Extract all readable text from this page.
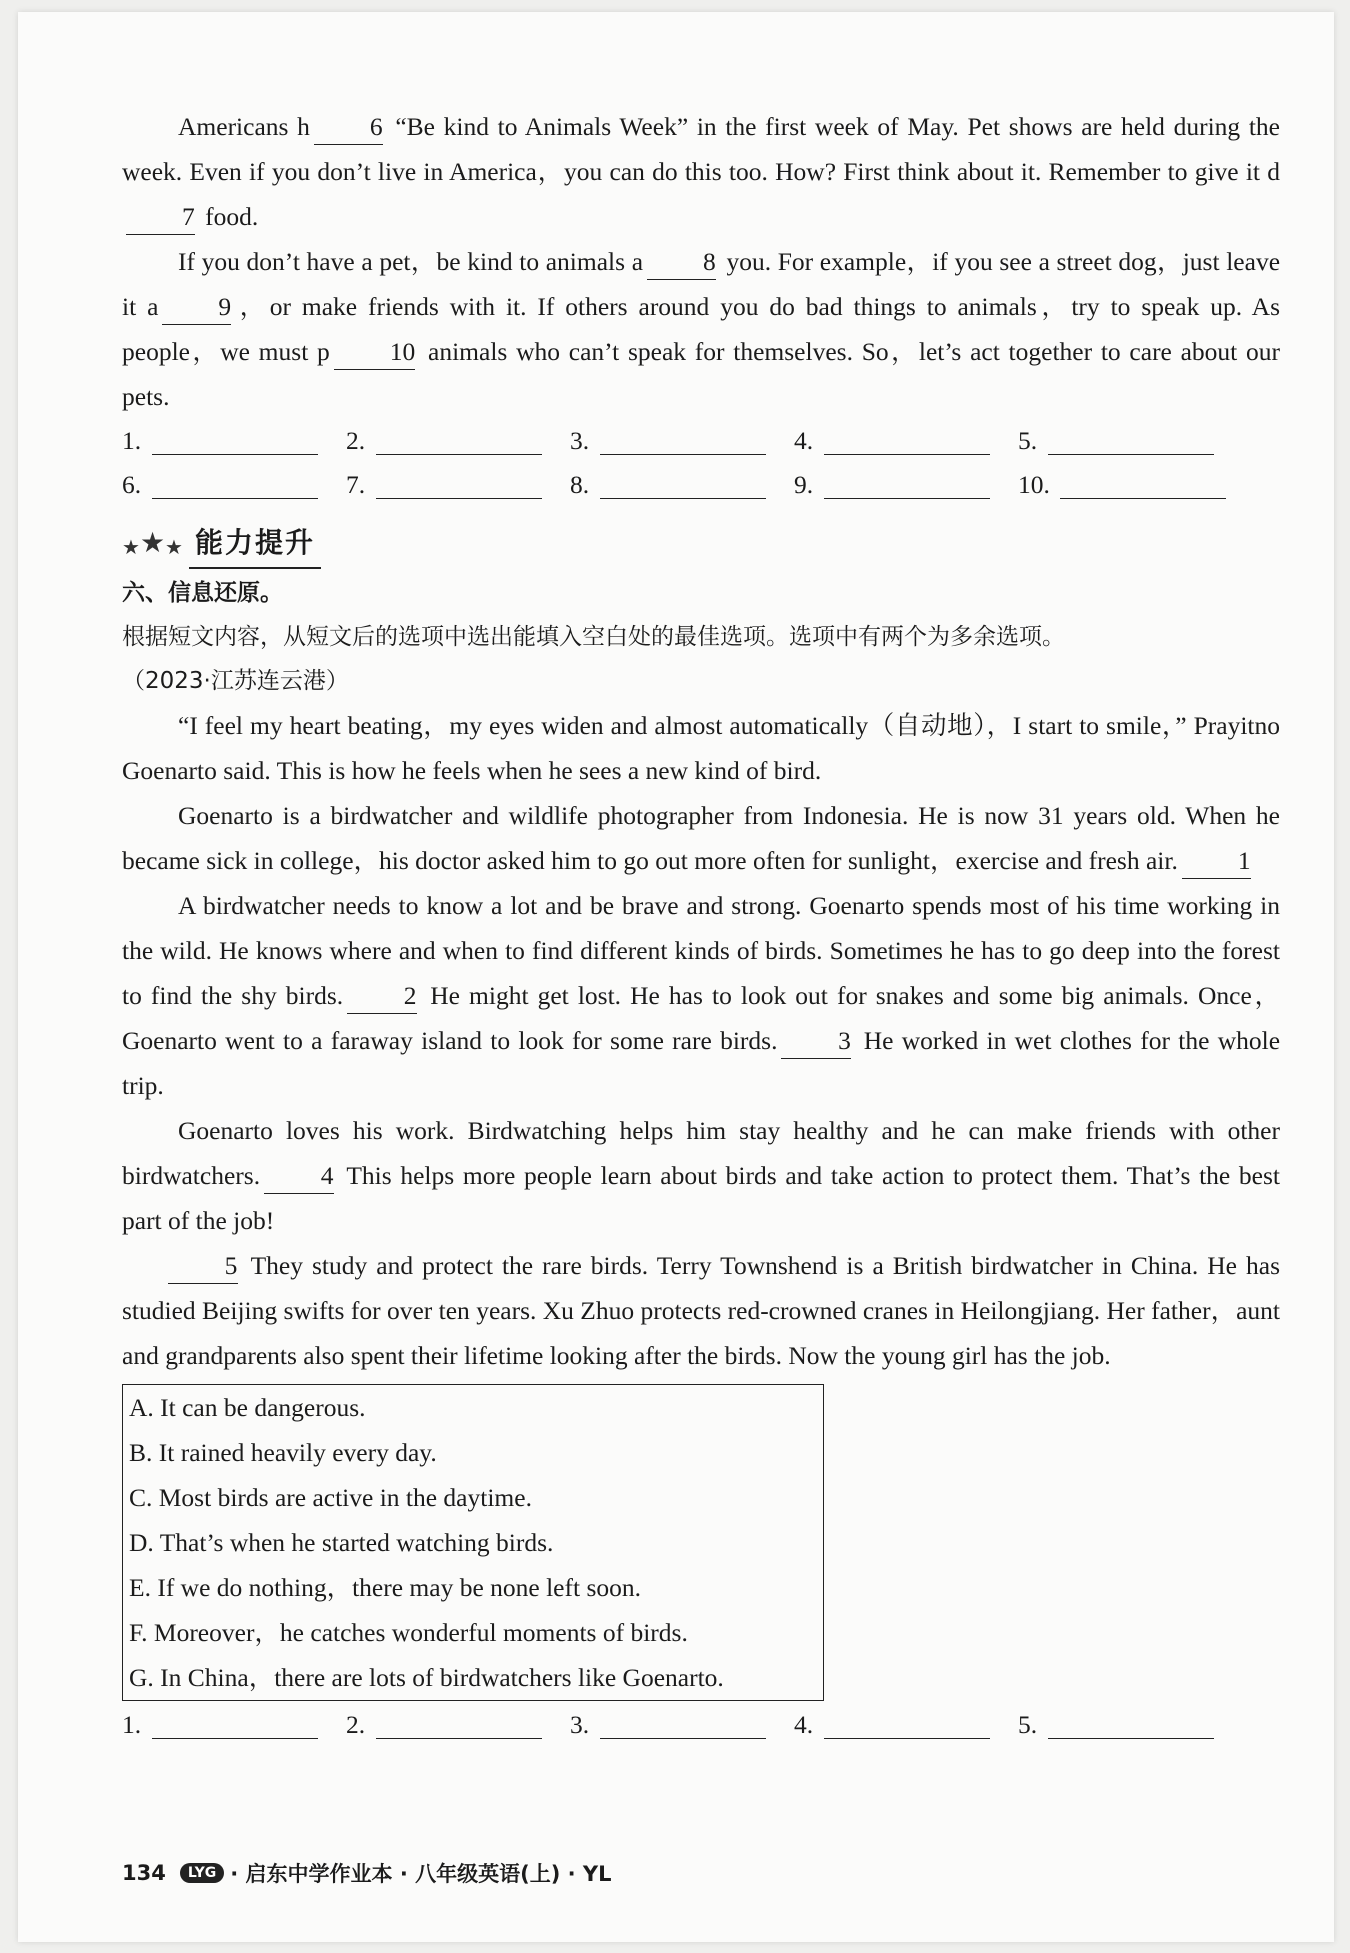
Americans h 6 “Be kind to Animals Week” in the first week of May. Pet shows are held during the week. Even if you don’t live in America，you can do this too. How? First think about it. Remember to give it d7 food.

If you don’t have a pet，be kind to animals a 8 you. For example，if you see a street dog，just leave it a 9 ，or make friends with it. If others around you do bad things to animals，try to speak up. As people，we must p 10 animals who can’t speak for themselves. So，let’s act together to care about our pets.

1.	2.	3.	4.	5.
6.	7.	8.	9.	10.
★ ★ ★ 能力提升
六、信息还原。
根据短文内容，从短文后的选项中选出能填入空白处的最佳选项。选项中有两个为多余选项。
（2023·江苏连云港）

“I feel my heart beating，my eyes widen and almost automatically（自动地），I start to smile，” Prayitno Goenarto said. This is how he feels when he sees a new kind of bird.

Goenarto is a birdwatcher and wildlife photographer from Indonesia. He is now 31 years old. When he became sick in college，his doctor asked him to go out more often for sunlight，exercise and fresh air. 1

A birdwatcher needs to know a lot and be brave and strong. Goenarto spends most of his time working in the wild. He knows where and when to find different kinds of birds. Sometimes he has to go deep into the forest to find the shy birds. 2 He might get lost. He has to look out for snakes and some big animals. Once，Goenarto went to a faraway island to look for some rare birds. 3 He worked in wet clothes for the whole trip.

Goenarto loves his work. Birdwatching helps him stay healthy and he can make friends with other birdwatchers. 4 This helps more people learn about birds and take action to protect them. That’s the best part of the job!

5 They study and protect the rare birds. Terry Townshend is a British birdwatcher in China. He has studied Beijing swifts for over ten years. Xu Zhuo protects red-crowned cranes in Heilongjiang. Her father，aunt and grandparents also spent their lifetime looking after the birds. Now the young girl has the job.

A. It can be dangerous.
B. It rained heavily every day.
C. Most birds are active in the daytime.
D. That’s when he started watching birds.
E. If we do nothing，there may be none left soon.
F. Moreover，he catches wonderful moments of birds.
G. In China，there are lots of birdwatchers like Goenarto.
1.	2.	3.	4.	5.
134	LYG · 启东中学作业本 · 八年级英语(上) · YL
